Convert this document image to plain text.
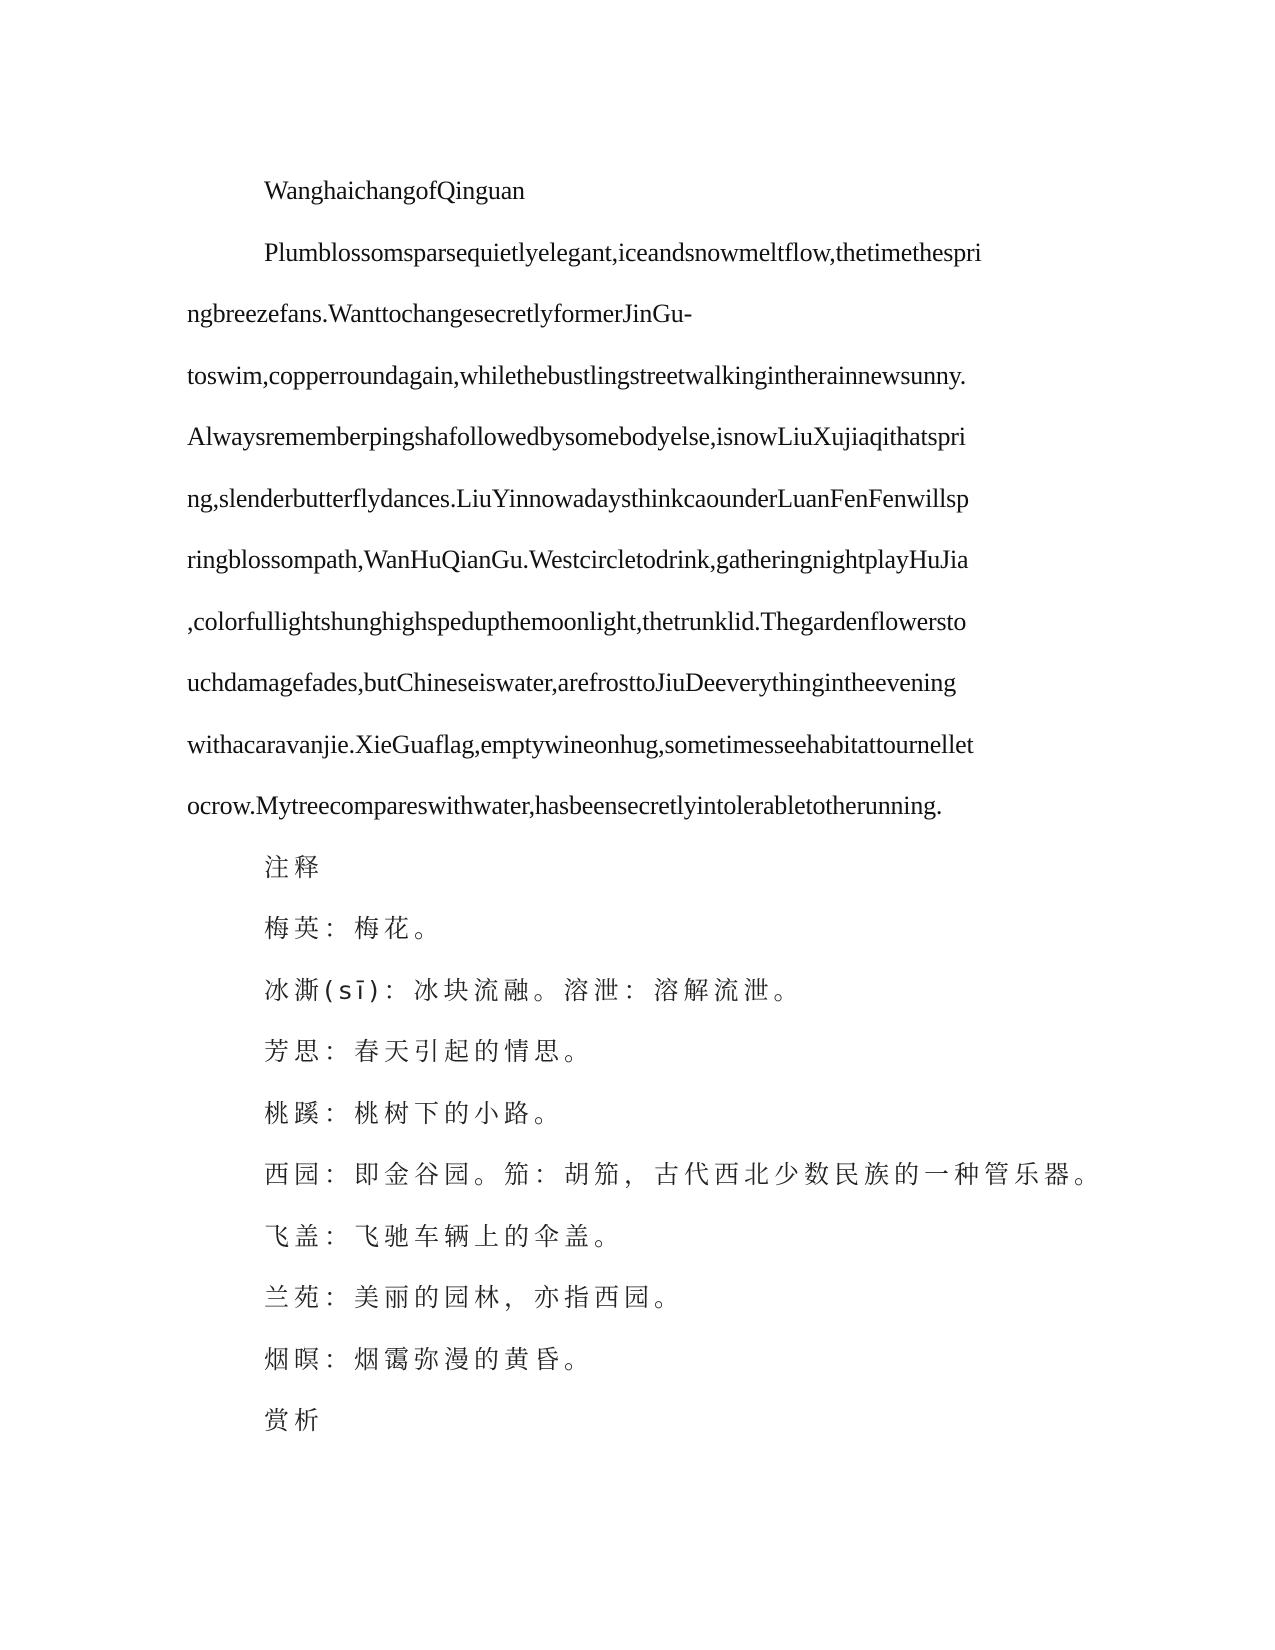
WanghaichangofQinguan
Plumblossomsparsequietlyelegant,iceandsnowmeltflow,thetimethespri
ngbreezefans.WanttochangesecretlyformerJinGu-
toswim,copperroundagain,whilethebustlingstreetwalkingintherainnewsunny.
Alwaysrememberpingshafollowedbysomebodyelse,isnowLiuXujiaqithatspri
ng,slenderbutterflydances.LiuYinnowadaysthinkcaounderLuanFenFenwillsp
ringblossompath,WanHuQianGu.Westcircletodrink,gatheringnightplayHuJia
,colorfullightshunghighspedupthemoonlight,thetrunklid.Thegardenflowersto
uchdamagefades,butChineseiswater,arefrosttoJiuDeeverythingintheevening
withacaravanjie.XieGuaflag,emptywineonhug,sometimesseehabitattournellet
ocrow.Mytreecompareswithwater,hasbeensecretlyintolerabletotherunning.
注释
梅英：梅花。
冰澌(sī)：冰块流融。溶泄：溶解流泄。
芳思：春天引起的情思。
桃蹊：桃树下的小路。
西园：即金谷园。笳：胡笳，古代西北少数民族的一种管乐器。
飞盖：飞驰车辆上的伞盖。
兰苑：美丽的园林，亦指西园。
烟暝：烟霭弥漫的黄昏。
赏析
